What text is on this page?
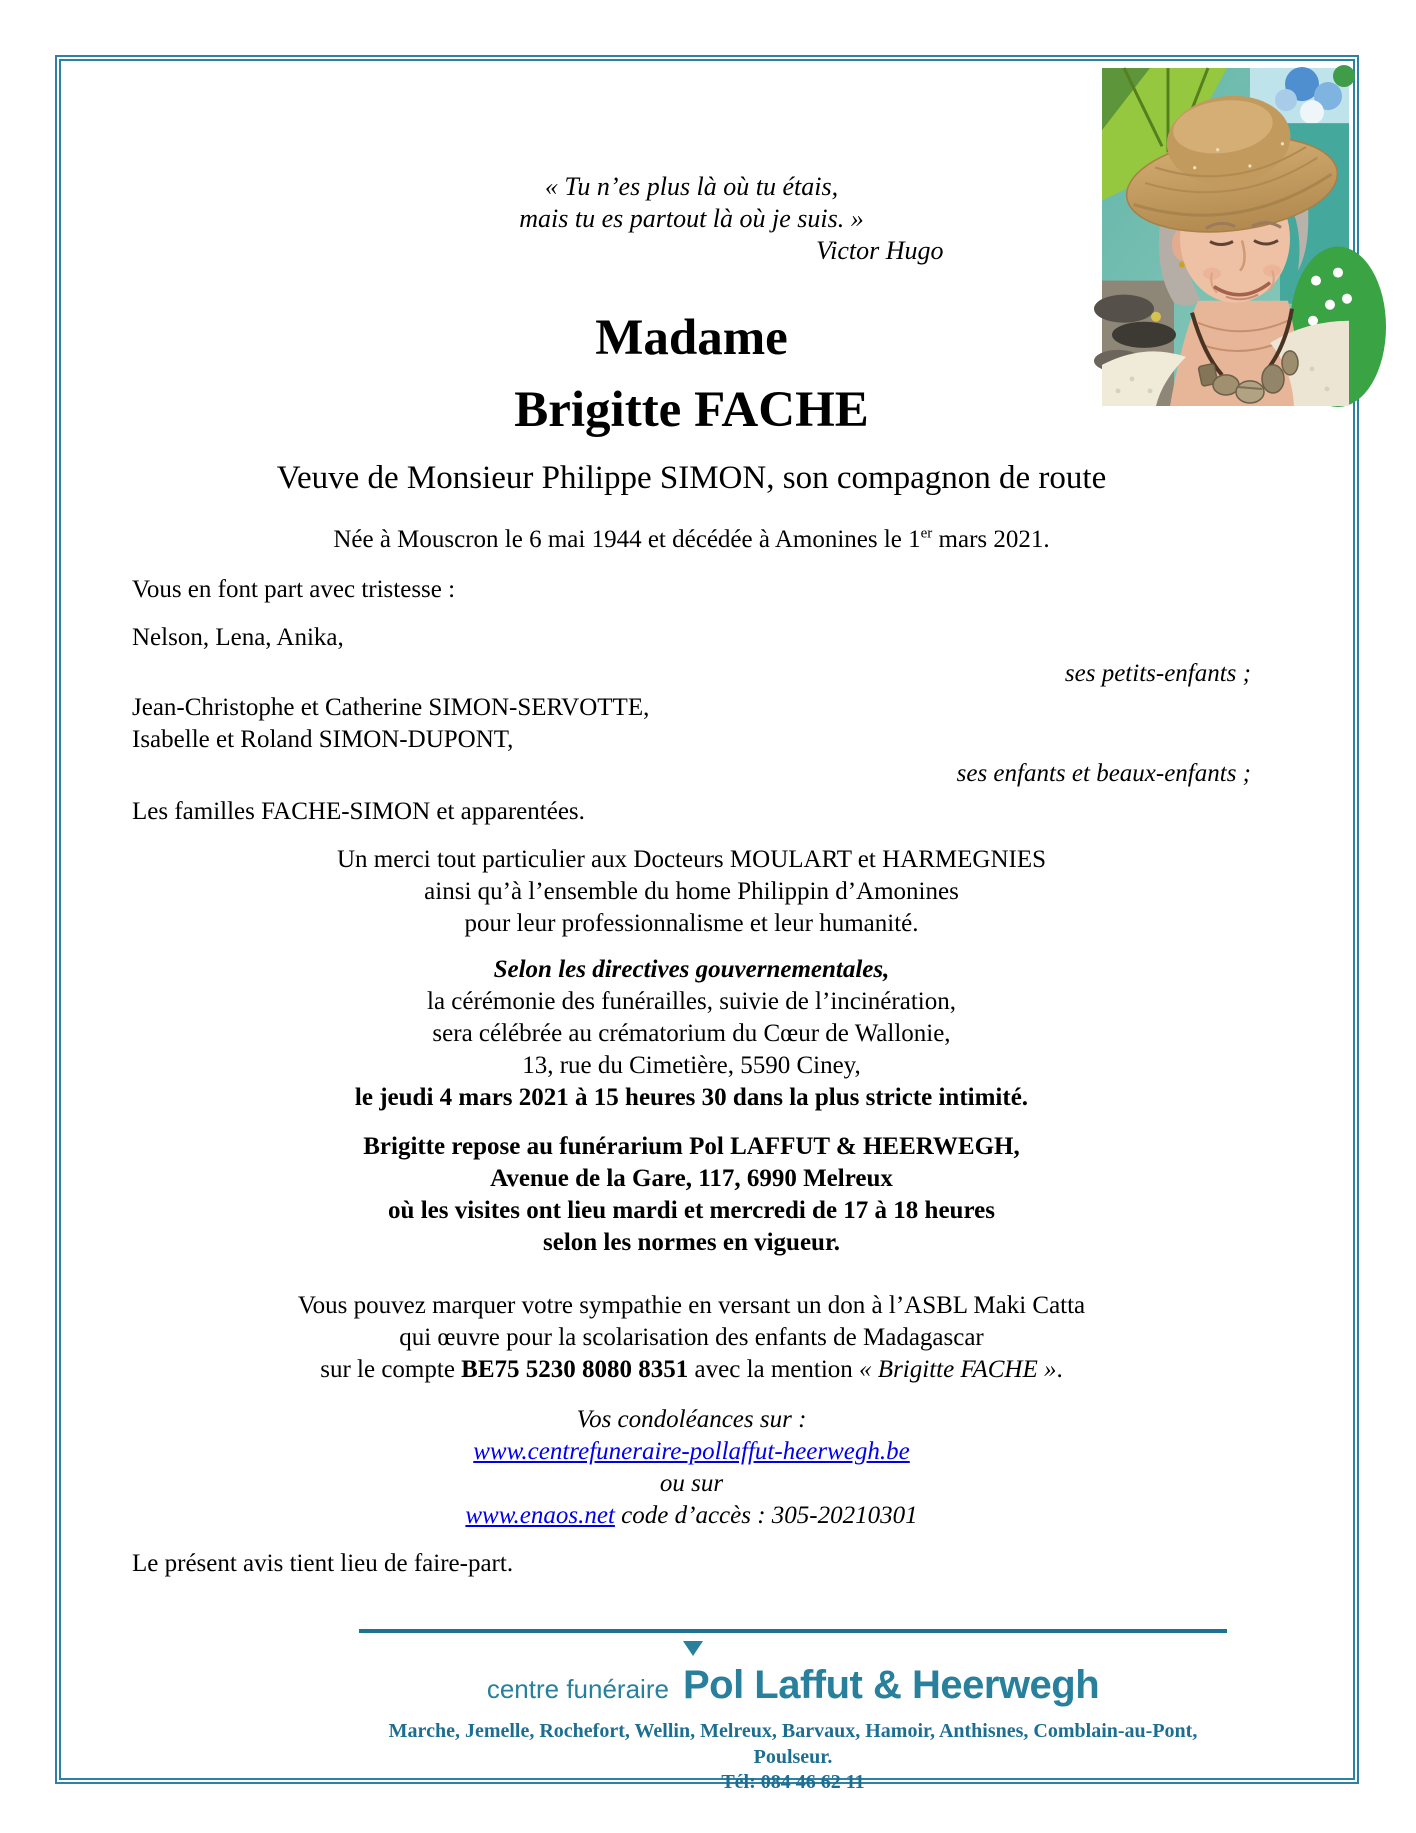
« Tu n’es plus là où tu étais,
mais tu es partout là où je suis. »
Victor Hugo
Madame
Brigitte FACHE
Veuve de Monsieur Philippe SIMON, son compagnon de route

Née à Mouscron le 6 mai 1944 et décédée à Amonines le 1er mars 2021.

Vous en font part avec tristesse :

Nelson, Lena, Anika,

ses petits-enfants ;

Jean-Christophe et Catherine SIMON-SERVOTTE,
Isabelle et Roland SIMON-DUPONT,

ses enfants et beaux-enfants ;

Les familles FACHE-SIMON et apparentées.

Un merci tout particulier aux Docteurs MOULART et HARMEGNIES
ainsi qu’à l’ensemble du home Philippin d’Amonines
pour leur professionnalisme et leur humanité.

Selon les directives gouvernementales,
la cérémonie des funérailles, suivie de l’incinération,
sera célébrée au crématorium du Cœur de Wallonie,
13, rue du Cimetière, 5590 Ciney,
le jeudi 4 mars 2021 à 15 heures 30 dans la plus stricte intimité.

Brigitte repose au funérarium Pol LAFFUT & HEERWEGH,
Avenue de la Gare, 117, 6990 Melreux
où les visites ont lieu mardi et mercredi de 17 à 18 heures
selon les normes en vigueur.

Vous pouvez marquer votre sympathie en versant un don à l’ASBL Maki Catta
qui œuvre pour la scolarisation des enfants de Madagascar
sur le compte BE75 5230 8080 8351 avec la mention « Brigitte FACHE ».

Vos condoléances sur :
www.centrefuneraire-pollaffut-heerwegh.be
ou sur
www.enaos.net code d’accès : 305-20210301

Le présent avis tient lieu de faire-part.

centre funéraire Pol Laffut & Heerwegh
Marche, Jemelle, Rochefort, Wellin, Melreux, Barvaux, Hamoir, Anthisnes, Comblain-au-Pont, Poulseur.
Tél: 084 46 62 11
